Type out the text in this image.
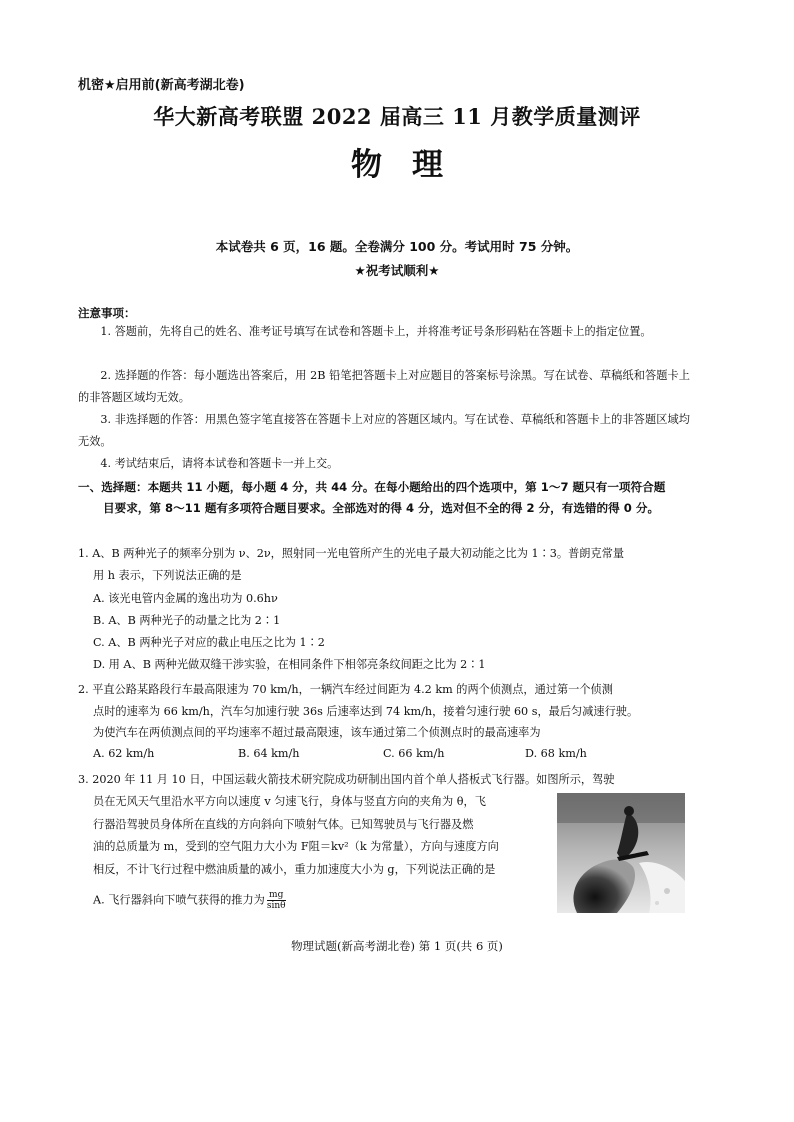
机密★启用前(新高考湖北卷)
华大新高考联盟 2022 届高三 11 月教学质量测评
物理
本试卷共 6 页，16 题。全卷满分 100 分。考试用时 75 分钟。
★祝考试顺利★
注意事项：
1. 答题前，先将自己的姓名、准考证号填写在试卷和答题卡上，并将准考证号条形码粘在答题卡上的指定位置。
2. 选择题的作答：每小题选出答案后，用 2B 铅笔把答题卡上对应题目的答案标号涂黑。写在试卷、草稿纸和答题卡上的非答题区域均无效。
3. 非选择题的作答：用黑色签字笔直接答在答题卡上对应的答题区域内。写在试卷、草稿纸和答题卡上的非答题区域均无效。
4. 考试结束后，请将本试卷和答题卡一并上交。
一、选择题：本题共 11 小题，每小题 4 分，共 44 分。在每小题给出的四个选项中，第 1～7 题只有一项符合题
目要求，第 8～11 题有多项符合题目要求。全部选对的得 4 分，选对但不全的得 2 分，有选错的得 0 分。
1. A、B 两种光子的频率分别为 ν、2ν，照射同一光电管所产生的光电子最大初动能之比为 1∶3。普朗克常量
用 h 表示，下列说法正确的是
A. 该光电管内金属的逸出功为 0.6hν
B. A、B 两种光子的动量之比为 2∶1
C. A、B 两种光子对应的截止电压之比为 1∶2
D. 用 A、B 两种光做双缝干涉实验，在相同条件下相邻亮条纹间距之比为 2∶1
2. 平直公路某路段行车最高限速为 70 km/h，一辆汽车经过间距为 4.2 km 的两个侦测点，通过第一个侦测
点时的速率为 66 km/h，汽车匀加速行驶 36s 后速率达到 74 km/h，接着匀速行驶 60 s，最后匀减速行驶。
为使汽车在两侦测点间的平均速率不超过最高限速，该车通过第二个侦测点时的最高速率为
A. 62 km/h	B. 64 km/h	C. 66 km/h	D. 68 km/h
3. 2020 年 11 月 10 日，中国运载火箭技术研究院成功研制出国内首个单人搭板式飞行器。如图所示，驾驶
员在无风天气里沿水平方向以速度 v 匀速飞行，身体与竖直方向的夹角为 θ，飞
行器沿驾驶员身体所在直线的方向斜向下喷射气体。已知驾驶员与飞行器及燃
油的总质量为 m，受到的空气阻力大小为 F阻＝kv²（k 为常量），方向与速度方向
相反，不计飞行过程中燃油质量的减小，重力加速度大小为 g，下列说法正确的是
A. 飞行器斜向下喷气获得的推力为 $\frac{mg}{\sin\theta}$
物理试题(新高考湖北卷) 第 1 页(共 6 页)
